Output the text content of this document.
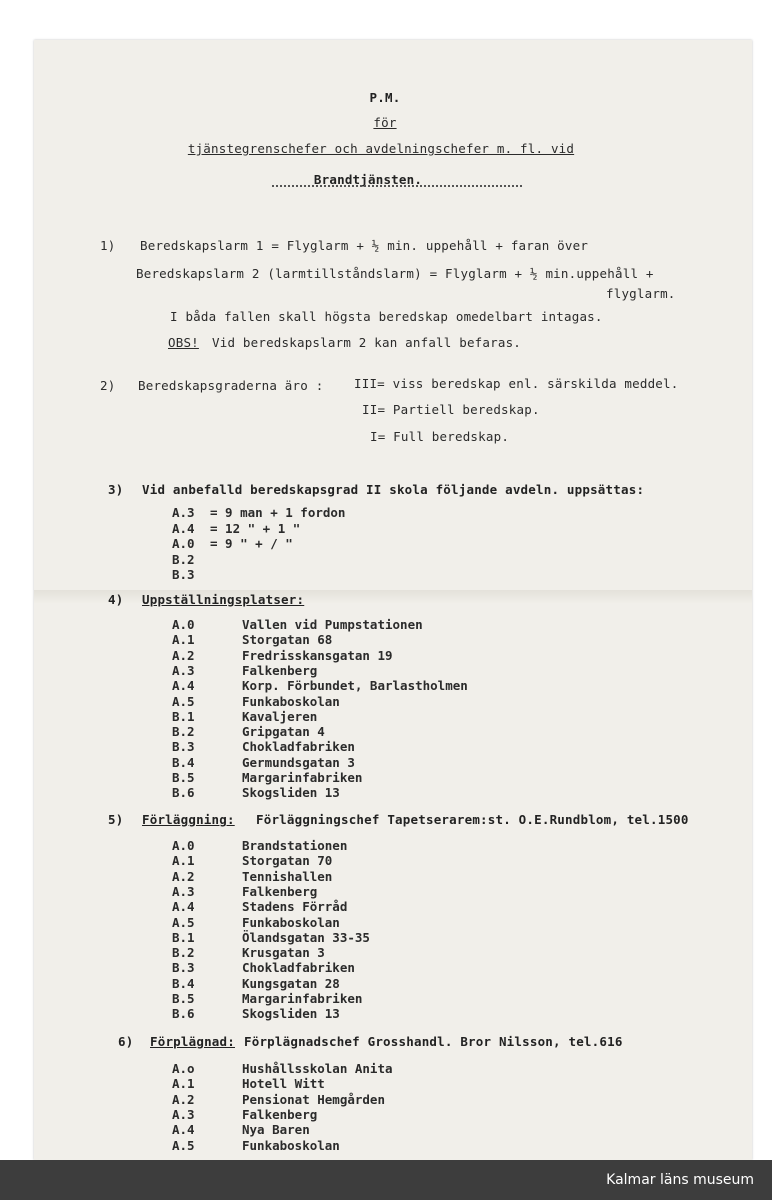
P.M.
för
tjänstegrenschefer och avdelningschefer m. fl. vid
Brandtjänsten.
1) Beredskapslarm 1 = Flyglarm + ½ min. uppehåll + faran över
Beredskapslarm 2 (larmtillståndslarm) = Flyglarm + ½ min.uppehåll +
flyglarm.
I båda fallen skall högsta beredskap omedelbart intagas.
OBS! Vid beredskapslarm 2 kan anfall befaras.
2) Beredskapsgraderna äro : III= viss beredskap enl. särskilda meddel.
II= Partiell beredskap.
I= Full beredskap.
3) Vid anbefalld beredskapsgrad II skola följande avdeln. uppsättas:
A.3	= 9 man + 1 fordon
A.4	= 12 " + 1 "
A.0	= 9 " + / "
B.2
B.3
4) Uppställningsplatser:
A.0	Vallen vid Pumpstationen
A.1	Storgatan 68
A.2	Fredrisskansgatan 19
A.3	Falkenberg
A.4	Korp. Förbundet, Barlastholmen
A.5	Funkaboskolan
B.1	Kavaljeren
B.2	Gripgatan 4
B.3	Chokladfabriken
B.4	Germundsgatan 3
B.5	Margarinfabriken
B.6	Skogsliden 13
5) Förläggning: Förläggningschef Tapetserarem:st. O.E.Rundblom, tel.1500
A.0	Brandstationen
A.1	Storgatan 70
A.2	Tennishallen
A.3	Falkenberg
A.4	Stadens Förråd
A.5	Funkaboskolan
B.1	Ölandsgatan 33-35
B.2	Krusgatan 3
B.3	Chokladfabriken
B.4	Kungsgatan 28
B.5	Margarinfabriken
B.6	Skogsliden 13
6) Förplägnad: Förplägnadschef Grosshandl. Bror Nilsson, tel.616
A.o	Hushållsskolan Anita
A.1	Hotell Witt
A.2	Pensionat Hemgården
A.3	Falkenberg
A.4	Nya Baren
A.5	Funkaboskolan
Kalmar läns museum
